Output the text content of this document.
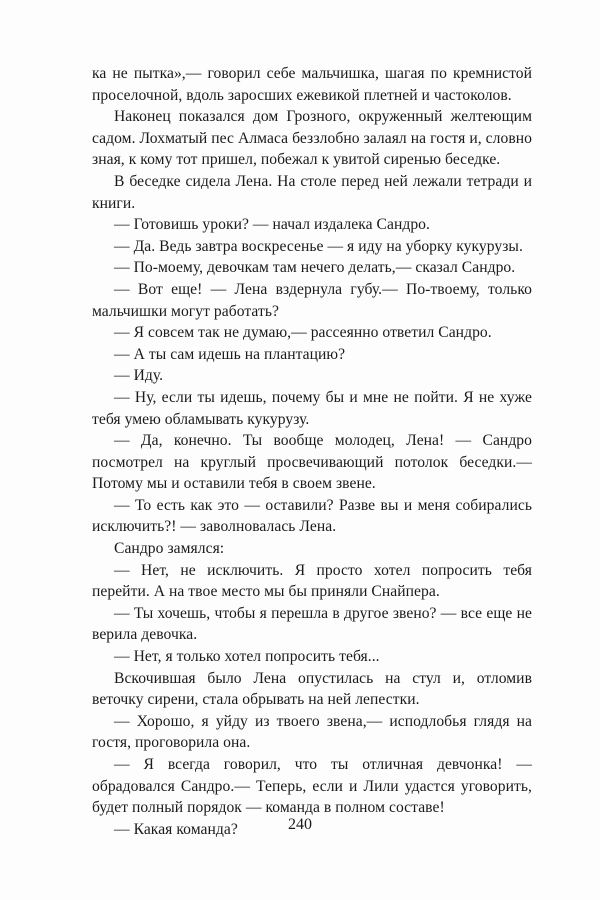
ка не пытка»,— говорил себе мальчишка, шагая по кремнистой проселочной, вдоль заросших ежевикой плетней и частоколов.

Наконец показался дом Грозного, окруженный желтеющим садом. Лохматый пес Алмаса беззлобно залаял на гостя и, словно зная, к кому тот пришел, побежал к увитой сиренью беседке.

В беседке сидела Лена. На столе перед ней лежали тетради и книги.

— Готовишь уроки? — начал издалека Сандро.

— Да. Ведь завтра воскресенье — я иду на уборку кукурузы.

— По-моему, девочкам там нечего делать,— сказал Сандро.

— Вот еще! — Лена вздернула губу.— По-твоему, только мальчишки могут работать?

— Я совсем так не думаю,— рассеянно ответил Сандро.

— А ты сам идешь на плантацию?

— Иду.

— Ну, если ты идешь, почему бы и мне не пойти. Я не хуже тебя умею обламывать кукурузу.

— Да, конечно. Ты вообще молодец, Лена! — Сандро посмотрел на круглый просвечивающий потолок беседки.— Потому мы и оставили тебя в своем звене.

— То есть как это — оставили? Разве вы и меня собирались исключить?! — заволновалась Лена.

Сандро замялся:

— Нет, не исключить. Я просто хотел попросить тебя перейти. А на твое место мы бы приняли Снайпера.

— Ты хочешь, чтобы я перешла в другое звено? — все еще не верила девочка.

— Нет, я только хотел попросить тебя...

Вскочившая было Лена опустилась на стул и, отломив веточку сирени, стала обрывать на ней лепестки.

— Хорошо, я уйду из твоего звена,— исподлобья глядя на гостя, проговорила она.

— Я всегда говорил, что ты отличная девчонка! — обрадовался Сандро.— Теперь, если и Лили удастся уговорить, будет полный порядок — команда в полном составе!

— Какая команда?	240
